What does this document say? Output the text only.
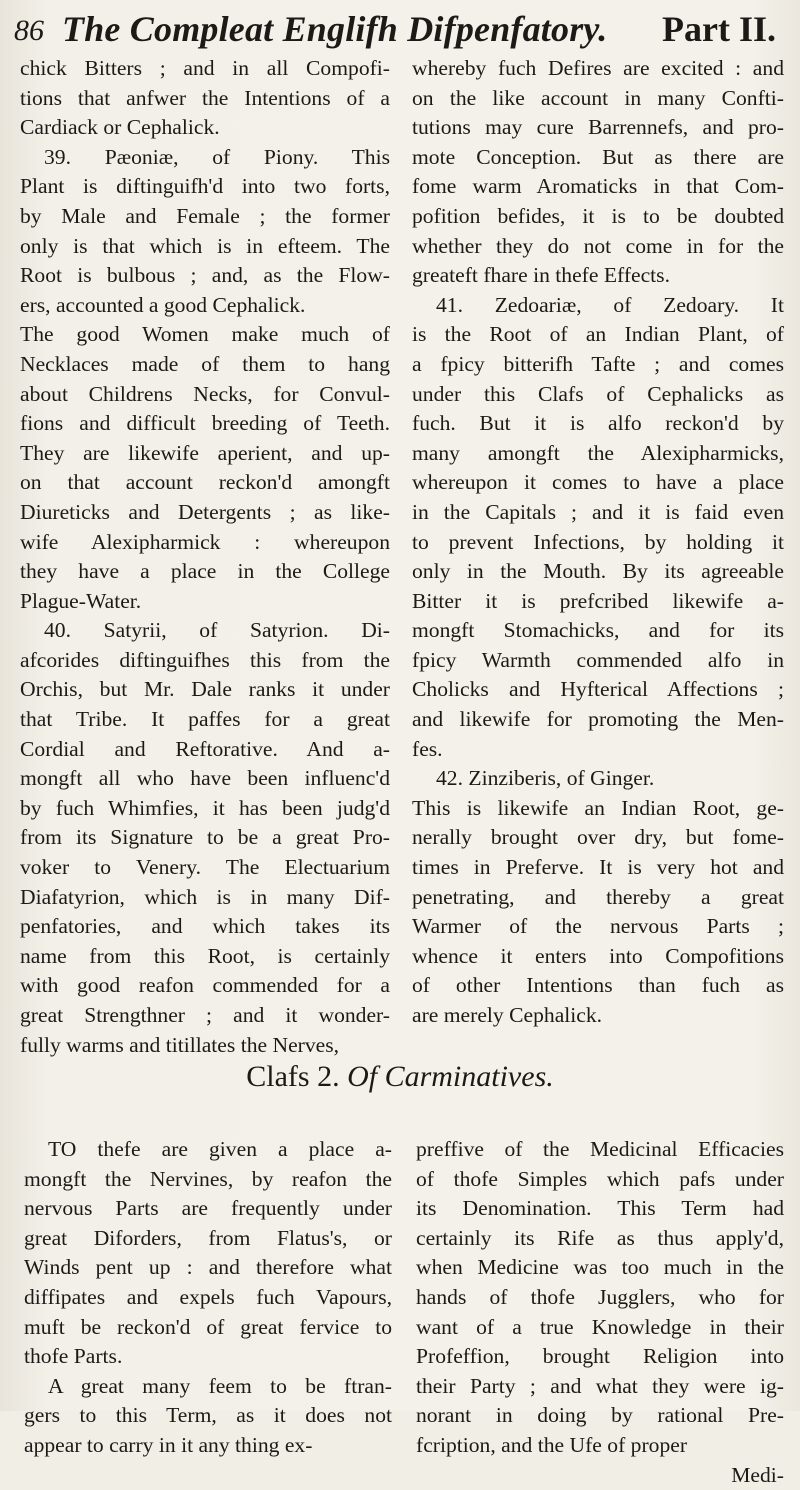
86 The Compleat Englifh Difpenfatory. Part II.
chick Bitters ; and in all Compofi-
tions that anfwer the Intentions of a
Cardiack or Cephalick.
39. Pæoniæ, of Piony. This
Plant is diftinguifh'd into two forts,
by Male and Female ; the former
only is that which is in efteem. The
Root is bulbous ; and, as the Flow-
ers, accounted a good Cephalick.
The good Women make much of
Necklaces made of them to hang
about Childrens Necks, for Convul-
fions and difficult breeding of Teeth.
They are likewife aperient, and up-
on that account reckon'd amongft
Diureticks and Detergents ; as like-
wife Alexipharmick : whereupon
they have a place in the College
Plague-Water.
40. Satyrii, of Satyrion. Di-
afcorides diftinguifhes this from the
Orchis, but Mr. Dale ranks it under
that Tribe. It paffes for a great
Cordial and Reftorative. And a-
mongft all who have been influenc'd
by fuch Whimfies, it has been judg'd
from its Signature to be a great Pro-
voker to Venery. The Electuarium
Diafatyrion, which is in many Dif-
penfatories, and which takes its
name from this Root, is certainly
with good reafon commended for a
great Strengthner ; and it wonder-
fully warms and titillates the Nerves,
whereby fuch Defires are excited : and
on the like account in many Confti-
tutions may cure Barrennefs, and pro-
mote Conception. But as there are
fome warm Aromaticks in that Com-
pofition befides, it is to be doubted
whether they do not come in for the
greateft fhare in thefe Effects.
41. Zedoariæ, of Zedoary. It
is the Root of an Indian Plant, of
a fpicy bitterifh Tafte ; and comes
under this Clafs of Cephalicks as
fuch. But it is alfo reckon'd by
many amongft the Alexipharmicks,
whereupon it comes to have a place
in the Capitals ; and it is faid even
to prevent Infections, by holding it
only in the Mouth. By its agreeable
Bitter it is prefcribed likewife a-
mongft Stomachicks, and for its
fpicy Warmth commended alfo in
Cholicks and Hyfterical Affections ;
and likewife for promoting the Men-
fes.
42. Zinziberis, of Ginger.
This is likewife an Indian Root, ge-
nerally brought over dry, but fome-
times in Preferve. It is very hot and
penetrating, and thereby a great
Warmer of the nervous Parts ;
whence it enters into Compofitions
of other Intentions than fuch as
are merely Cephalick.
Clafs 2. Of Carminatives.
TO thefe are given a place a-
mongft the Nervines, by reafon the
nervous Parts are frequently under
great Diforders, from Flatus's, or
Winds pent up : and therefore what
diffipates and expels fuch Vapours,
muft be reckon'd of great fervice to
thofe Parts.
A great many feem to be ftran-
gers to this Term, as it does not
appear to carry in it any thing ex-
preffive of the Medicinal Efficacies
of thofe Simples which pafs under
its Denomination. This Term had
certainly its Rife as thus apply'd,
when Medicine was too much in the
hands of thofe Jugglers, who for
want of a true Knowledge in their
Profeffion, brought Religion into
their Party ; and what they were ig-
norant in doing by rational Pre-
fcription, and the Ufe of proper
Medi-
